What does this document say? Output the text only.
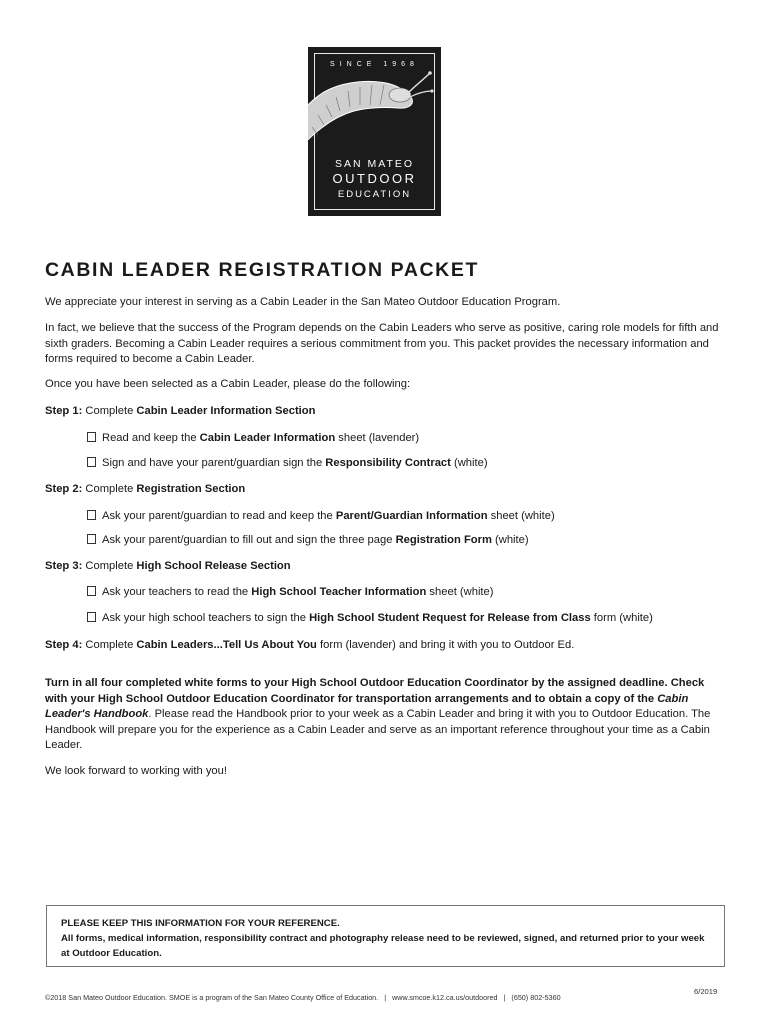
SINCE 1968
SAN MATEO
OUTDOOR
EDUCATION
CABIN LEADER REGISTRATION PACKET
We appreciate your interest in serving as a Cabin Leader in the San Mateo Outdoor Education Program.
In fact, we believe that the success of the Program depends on the Cabin Leaders who serve as positive, caring role models for fifth and sixth graders. Becoming a Cabin Leader requires a serious commitment from you. This packet provides the necessary information and forms required to become a Cabin Leader.
Once you have been selected as a Cabin Leader, please do the following:
Step 1: Complete Cabin Leader Information Section
Read and keep the Cabin Leader Information sheet (lavender)
Sign and have your parent/guardian sign the Responsibility Contract (white)
Step 2: Complete Registration Section
Ask your parent/guardian to read and keep the Parent/Guardian Information sheet (white)
Ask your parent/guardian to fill out and sign the three page Registration Form (white)
Step 3: Complete High School Release Section
Ask your teachers to read the High School Teacher Information sheet (white)
Ask your high school teachers to sign the High School Student Request for Release from Class form (white)
Step 4: Complete Cabin Leaders...Tell Us About You form (lavender) and bring it with you to Outdoor Ed.
Turn in all four completed white forms to your High School Outdoor Education Coordinator by the assigned deadline. Check with your High School Outdoor Education Coordinator for transportation arrangements and to obtain a copy of the Cabin Leader's Handbook. Please read the Handbook prior to your week as a Cabin Leader and bring it with you to Outdoor Education. The Handbook will prepare you for the experience as a Cabin Leader and serve as an important reference throughout your time as a Cabin Leader.
We look forward to working with you!
PLEASE KEEP THIS INFORMATION FOR YOUR REFERENCE.
All forms, medical information, responsibility contract and photography release need to be reviewed, signed, and returned prior to your week at Outdoor Education.
©2018 San Mateo Outdoor Education. SMOE is a program of the San Mateo County Office of Education. | www.smcoe.k12.ca.us/outdoored | (650) 802-5360
6/2019
